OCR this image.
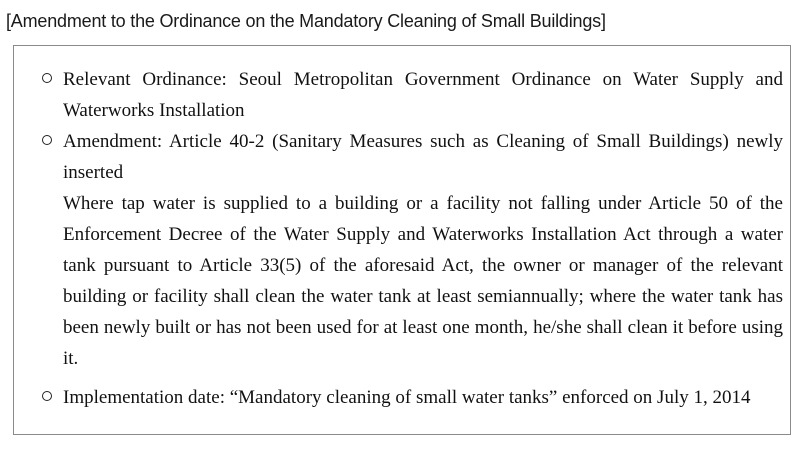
[Amendment to the Ordinance on the Mandatory Cleaning of Small Buildings]
Relevant Ordinance: Seoul Metropolitan Government Ordinance on Water Supply and Waterworks Installation
Amendment: Article 40-2 (Sanitary Measures such as Cleaning of Small Buildings) newly inserted
Where tap water is supplied to a building or a facility not falling under Article 50 of the Enforcement Decree of the Water Supply and Waterworks Installation Act through a water tank pursuant to Article 33(5) of the aforesaid Act, the owner or manager of the relevant building or facility shall clean the water tank at least semiannually; where the water tank has been newly built or has not been used for at least one month, he/she shall clean it before using it.
Implementation date: “Mandatory cleaning of small water tanks” enforced on July 1, 2014
